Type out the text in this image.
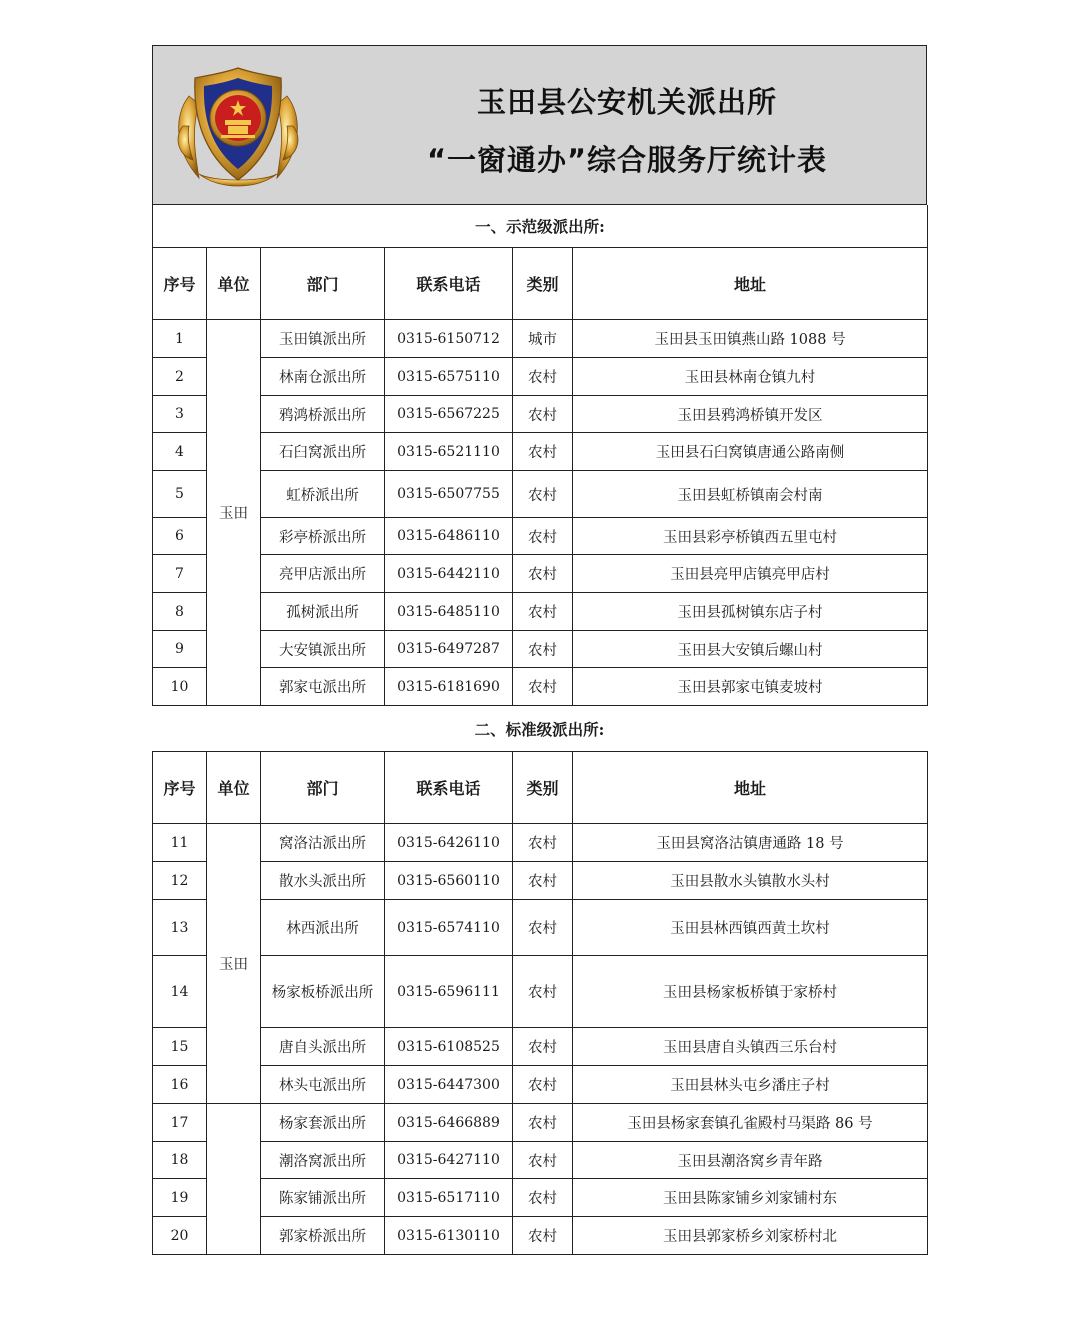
玉田县公安机关派出所
“一窗通办”综合服务厅统计表
一、示范级派出所:					
序号	单位	部门	联系电话	类别	地址
1	玉田	玉田镇派出所	0315-6150712	城市	玉田县玉田镇燕山路 1088 号
2		林南仓派出所	0315-6575110	农村	玉田县林南仓镇九村
3		鸦鸿桥派出所	0315-6567225	农村	玉田县鸦鸿桥镇开发区
4		石臼窝派出所	0315-6521110	农村	玉田县石臼窝镇唐通公路南侧
5		虹桥派出所	0315-6507755	农村	玉田县虹桥镇南会村南
6		彩亭桥派出所	0315-6486110	农村	玉田县彩亭桥镇西五里屯村
7		亮甲店派出所	0315-6442110	农村	玉田县亮甲店镇亮甲店村
8		孤树派出所	0315-6485110	农村	玉田县孤树镇东店子村
9		大安镇派出所	0315-6497287	农村	玉田县大安镇后螺山村
10		郭家屯派出所	0315-6181690	农村	玉田县郭家屯镇麦坡村
二、标准级派出所:
序号	单位	部门	联系电话	类别	地址
11	玉田	窝洛沽派出所	0315-6426110	农村	玉田县窝洛沽镇唐通路 18 号
12		散水头派出所	0315-6560110	农村	玉田县散水头镇散水头村
13		林西派出所	0315-6574110	农村	玉田县林西镇西黄土坎村
14		杨家板桥派出所	0315-6596111	农村	玉田县杨家板桥镇于家桥村
15		唐自头派出所	0315-6108525	农村	玉田县唐自头镇西三乐台村
16		林头屯派出所	0315-6447300	农村	玉田县林头屯乡潘庄子村
17		杨家套派出所	0315-6466889	农村	玉田县杨家套镇孔雀殿村马渠路 86 号
18		潮洛窝派出所	0315-6427110	农村	玉田县潮洛窝乡青年路
19		陈家铺派出所	0315-6517110	农村	玉田县陈家铺乡刘家铺村东
20		郭家桥派出所	0315-6130110	农村	玉田县郭家桥乡刘家桥村北
